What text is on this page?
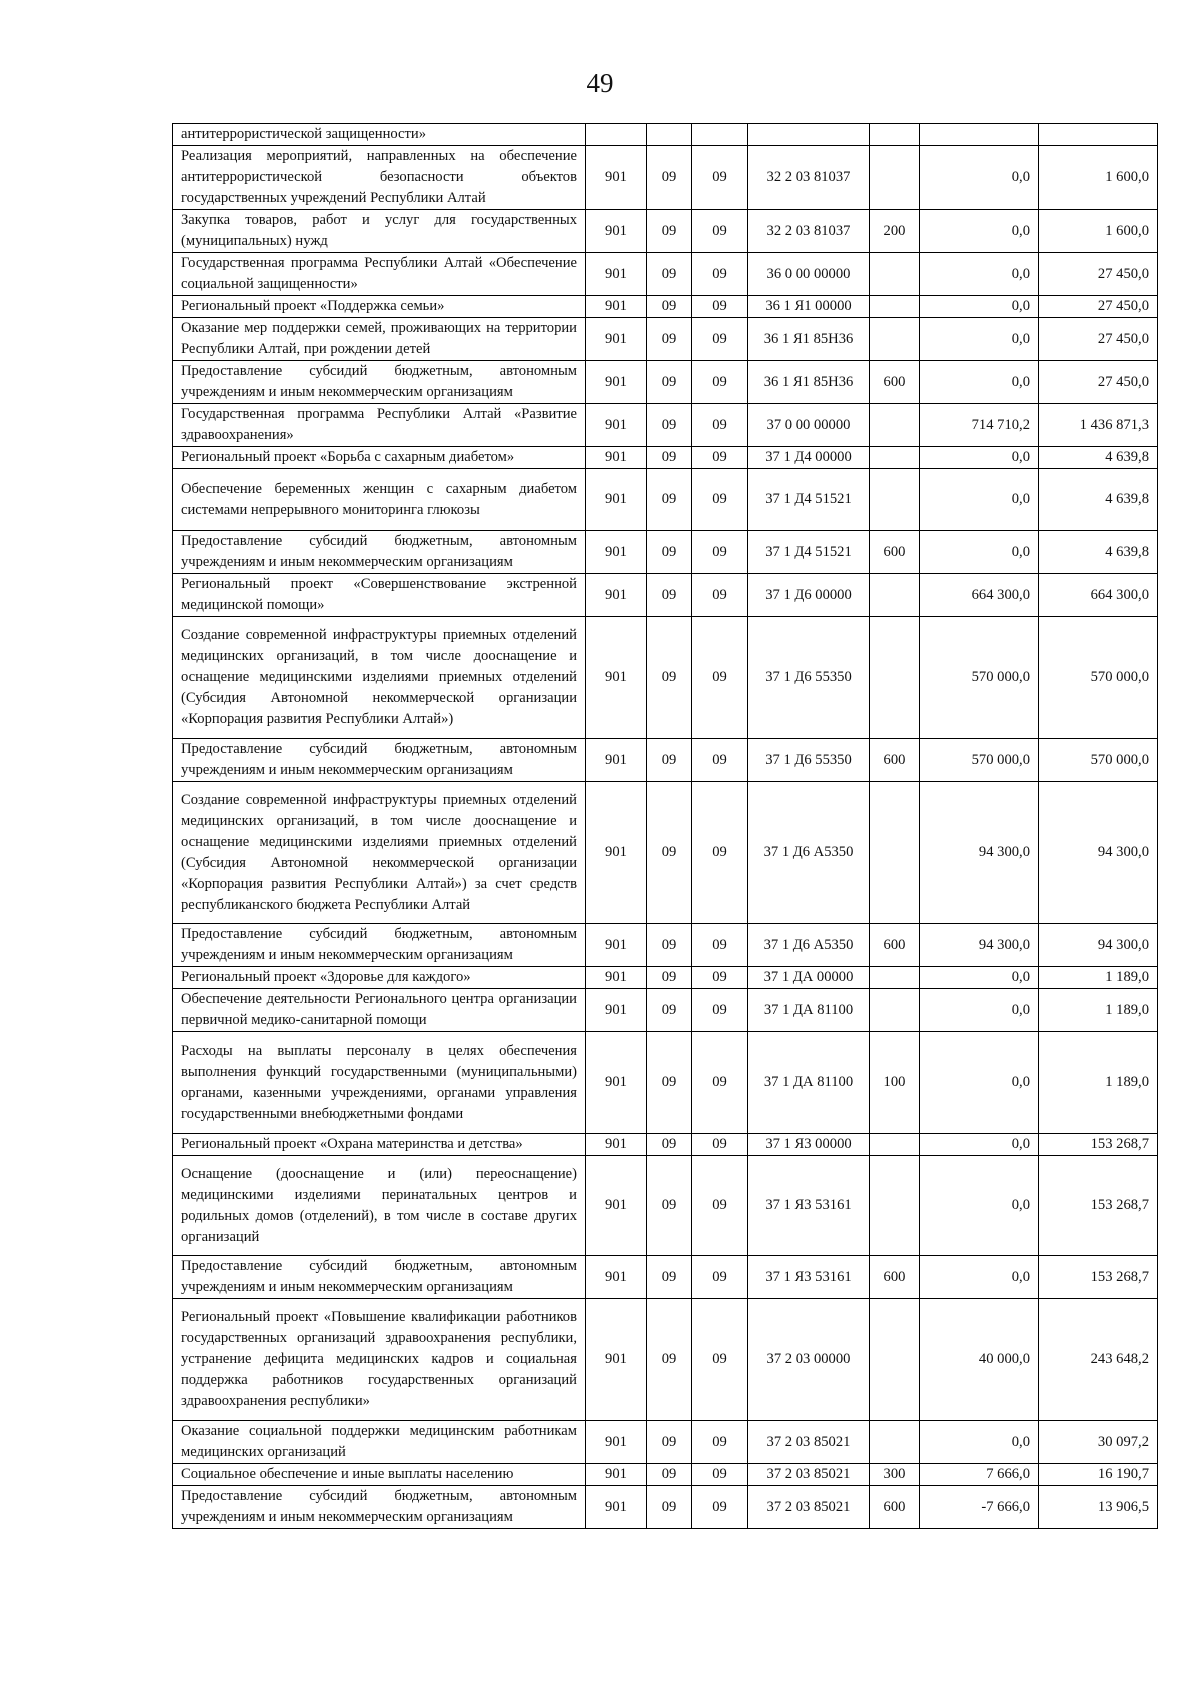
49
антитеррористической защищенности»							
Реализация мероприятий, направленных на обеспечение антитеррористической безопасности объектов государственных учреждений Республики Алтай	901	09	09	32 2 03 81037		0,0	1 600,0
Закупка товаров, работ и услуг для государственных (муниципальных) нужд	901	09	09	32 2 03 81037	200	0,0	1 600,0
Государственная программа Республики Алтай «Обеспечение социальной защищенности»	901	09	09	36 0 00 00000		0,0	27 450,0
Региональный проект «Поддержка семьи»	901	09	09	36 1 Я1 00000		0,0	27 450,0
Оказание мер поддержки семей, проживающих на территории Республики Алтай, при рождении детей	901	09	09	36 1 Я1 85Н36		0,0	27 450,0
Предоставление субсидий бюджетным, автономным учреждениям и иным некоммерческим организациям	901	09	09	36 1 Я1 85Н36	600	0,0	27 450,0
Государственная программа Республики Алтай «Развитие здравоохранения»	901	09	09	37 0 00 00000		714 710,2	1 436 871,3
Региональный проект «Борьба с сахарным диабетом»	901	09	09	37 1 Д4 00000		0,0	4 639,8
Обеспечение беременных женщин с сахарным диабетом системами непрерывного мониторинга глюкозы	901	09	09	37 1 Д4 51521		0,0	4 639,8
Предоставление субсидий бюджетным, автономным учреждениям и иным некоммерческим организациям	901	09	09	37 1 Д4 51521	600	0,0	4 639,8
Региональный проект «Совершенствование экстренной медицинской помощи»	901	09	09	37 1 Д6 00000		664 300,0	664 300,0
Создание современной инфраструктуры приемных отделений медицинских организаций, в том числе дооснащение и оснащение медицинскими изделиями приемных отделений (Субсидия Автономной некоммерческой организации «Корпорация развития Республики Алтай»)	901	09	09	37 1 Д6 55350		570 000,0	570 000,0
Предоставление субсидий бюджетным, автономным учреждениям и иным некоммерческим организациям	901	09	09	37 1 Д6 55350	600	570 000,0	570 000,0
Создание современной инфраструктуры приемных отделений медицинских организаций, в том числе дооснащение и оснащение медицинскими изделиями приемных отделений (Субсидия Автономной некоммерческой организации «Корпорация развития Республики Алтай») за счет средств республиканского бюджета Республики Алтай	901	09	09	37 1 Д6 А5350		94 300,0	94 300,0
Предоставление субсидий бюджетным, автономным учреждениям и иным некоммерческим организациям	901	09	09	37 1 Д6 А5350	600	94 300,0	94 300,0
Региональный проект «Здоровье для каждого»	901	09	09	37 1 ДА 00000		0,0	1 189,0
Обеспечение деятельности Регионального центра организации первичной медико-санитарной помощи	901	09	09	37 1 ДА 81100		0,0	1 189,0
Расходы на выплаты персоналу в целях обеспечения выполнения функций государственными (муниципальными) органами, казенными учреждениями, органами управления государственными внебюджетными фондами	901	09	09	37 1 ДА 81100	100	0,0	1 189,0
Региональный проект «Охрана материнства и детства»	901	09	09	37 1 Я3 00000		0,0	153 268,7
Оснащение (дооснащение и (или) переоснащение) медицинскими изделиями перинатальных центров и родильных домов (отделений), в том числе в составе других организаций	901	09	09	37 1 Я3 53161		0,0	153 268,7
Предоставление субсидий бюджетным, автономным учреждениям и иным некоммерческим организациям	901	09	09	37 1 Я3 53161	600	0,0	153 268,7
Региональный проект «Повышение квалификации работников государственных организаций здравоохранения республики, устранение дефицита медицинских кадров и социальная поддержка работников государственных организаций здравоохранения республики»	901	09	09	37 2 03 00000		40 000,0	243 648,2
Оказание социальной поддержки медицинским работникам медицинских организаций	901	09	09	37 2 03 85021		0,0	30 097,2
Социальное обеспечение и иные выплаты населению	901	09	09	37 2 03 85021	300	7 666,0	16 190,7
Предоставление субсидий бюджетным, автономным учреждениям и иным некоммерческим организациям	901	09	09	37 2 03 85021	600	-7 666,0	13 906,5
